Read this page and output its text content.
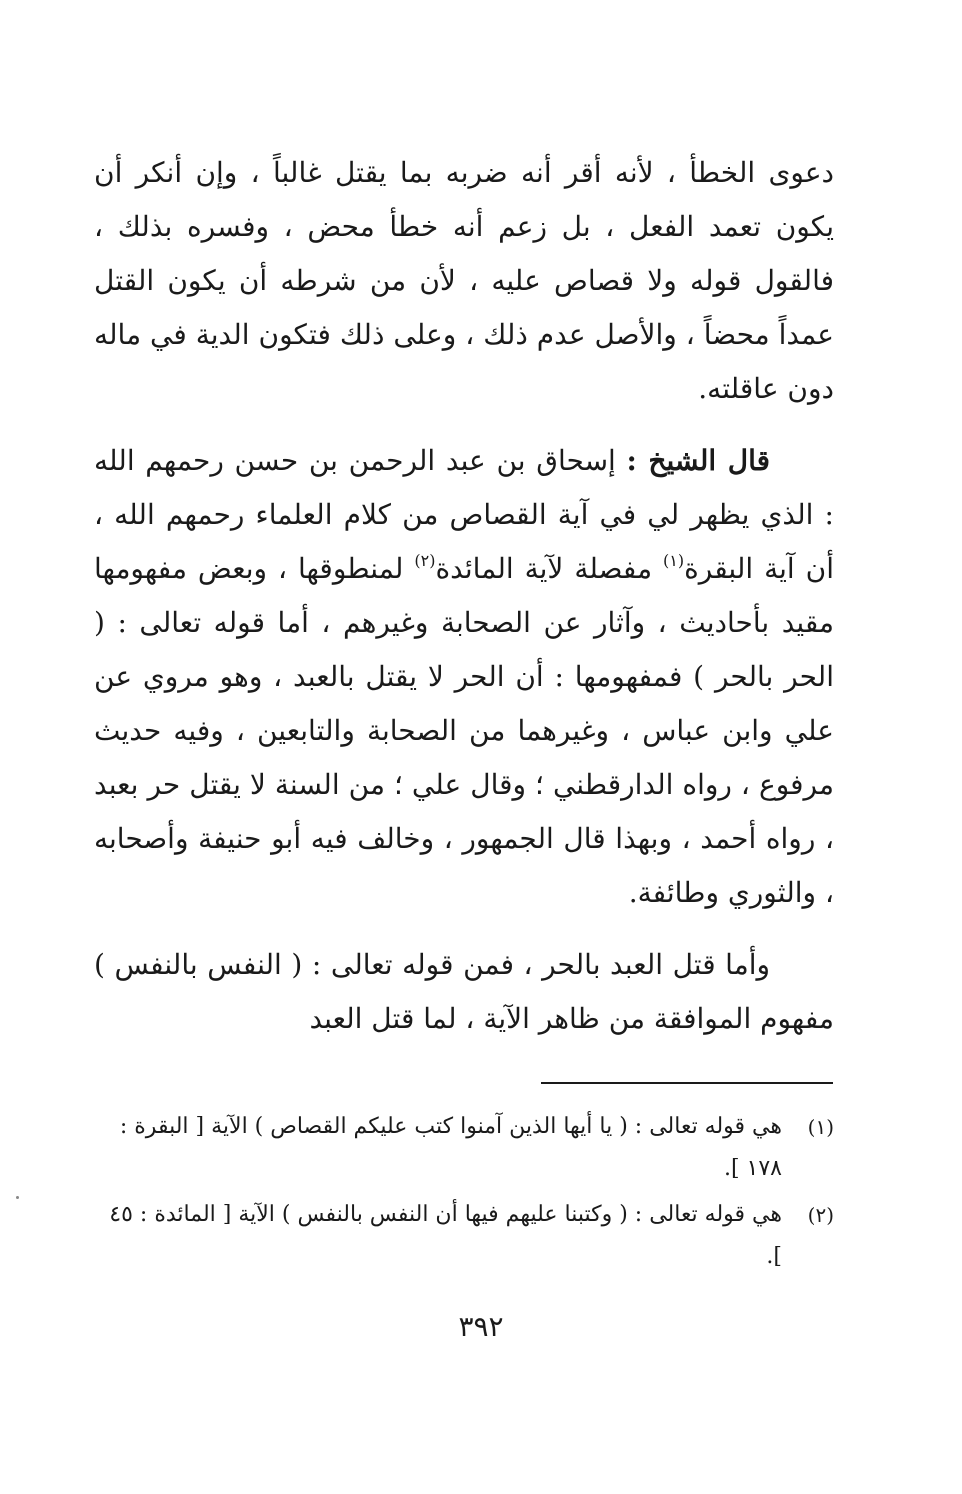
دعوى الخطأ ، لأنه أقر أنه ضربه بما يقتل غالباً ، وإن أنكر أن يكون تعمد الفعل ، بل زعم أنه خطأ محض ، وفسره بذلك ، فالقول قوله ولا قصاص عليه ، لأن من شرطه أن يكون القتل عمداً محضاً ، والأصل عدم ذلك ، وعلى ذلك فتكون الدية في ماله دون عاقلته.

قال الشيخ : إسحاق بن عبد الرحمن بن حسن رحمهم الله : الذي يظهر لي في آية القصاص من كلام العلماء رحمهم الله ، أن آية البقرة$^{(١)}$ مفصلة لآية المائدة$^{(٢)}$ لمنطوقها ، وبعض مفهومها مقيد بأحاديث ، وآثار عن الصحابة وغيرهم ، أما قوله تعالى : ( الحر بالحر ) فمفهومها : أن الحر لا يقتل بالعبد ، وهو مروي عن علي وابن عباس ، وغيرهما من الصحابة والتابعين ، وفيه حديث مرفوع ، رواه الدارقطني ؛ وقال علي ؛ من السنة لا يقتل حر بعبد ، رواه أحمد ، وبهذا قال الجمهور ، وخالف فيه أبو حنيفة وأصحابه ، والثوري وطائفة.

وأما قتل العبد بالحر ، فمن قوله تعالى : ( النفس بالنفس ) مفهوم الموافقة من ظاهر الآية ، لما قتل العبد

(١)
هي قوله تعالى : ( يا أيها الذين آمنوا كتب عليكم القصاص ) الآية [ البقرة : ١٧٨ ].
(٢)
هي قوله تعالى : ( وكتبنا عليهم فيها أن النفس بالنفس ) الآية [ المائدة : ٤٥ ].
٣٩٢
